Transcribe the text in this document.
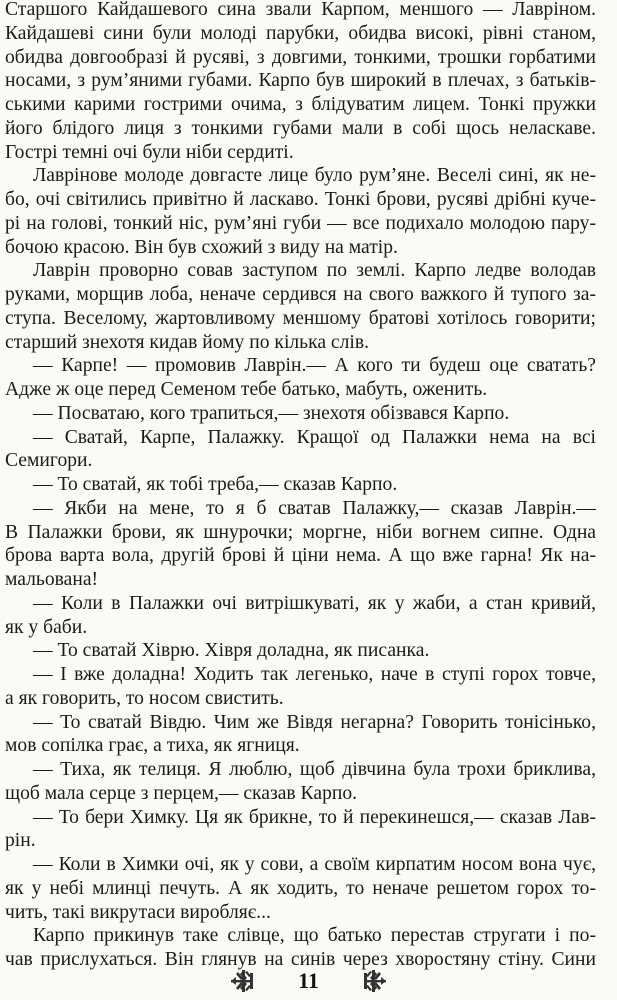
Старшого Кайдашевого сина звали Карпом, меншого — Лавріном.
Кайдашеві сини були молоді парубки, обидва високі, рівні станом,
обидва довгообразі й русяві, з довгими, тонкими, трошки горбатими
носами, з рум’яними губами. Карпо був широкий в плечах, з батьків-
ськими карими гострими очима, з блідуватим лицем. Тонкі пружки
його блідого лиця з тонкими губами мали в собі щось неласкаве.
Гострі темні очі були ніби сердиті.

Лаврінове молоде довгасте лице було рум’яне. Веселі сині, як не-
бо, очі світились привітно й ласкаво. Тонкі брови, русяві дрібні куче-
рі на голові, тонкий ніс, рум’яні губи — все подихало молодою пару-
бочою красою. Він був схожий з виду на матір.

Лаврін проворно совав заступом по землі. Карпо ледве володав
руками, морщив лоба, неначе сердився на свого важкого й тупого за-
ступа. Веселому, жартовливому меншому братові хотілось говорити;
старший знехотя кидав йому по кілька слів.

— Карпе! — промовив Лаврін.— А кого ти будеш оце сватать?
Адже ж оце перед Семеном тебе батько, мабуть, оженить.

— Посватаю, кого трапиться,— знехотя обізвався Карпо.

— Сватай, Карпе, Палажку. Кращої од Палажки нема на всі
Семигори.

— То сватай, як тобі треба,— сказав Карпо.

— Якби на мене, то я б сватав Палажку,— сказав Лаврін.—
В Палажки брови, як шнурочки; моргне, ніби вогнем сипне. Одна
брова варта вола, другій брові й ціни нема. А що вже гарна! Як на-
мальована!

— Коли в Палажки очі витрішкуваті, як у жаби, а стан кривий,
як у баби.

— То сватай Хіврю. Хівря доладна, як писанка.

— І вже доладна! Ходить так легенько, наче в ступі горох товче,
а як говорить, то носом свистить.

— То сватай Вівдю. Чим же Вівдя негарна? Говорить тонісінько,
мов сопілка грає, а тиха, як ягниця.

— Тиха, як телиця. Я люблю, щоб дівчина була трохи бриклива,
щоб мала серце з перцем,— сказав Карпо.

— То бери Химку. Ця як брикне, то й перекинешся,— сказав Лав-
рін.

— Коли в Химки очі, як у сови, а своїм кирпатим носом вона чує,
як у небі млинці печуть. А як ходить, то неначе решетом горох то-
чить, такі викрутаси виробляє...

Карпо прикинув таке слівце, що батько перестав стругати і по-
чав прислухаться. Він глянув на синів через хворостяну стіну. Сини

11
